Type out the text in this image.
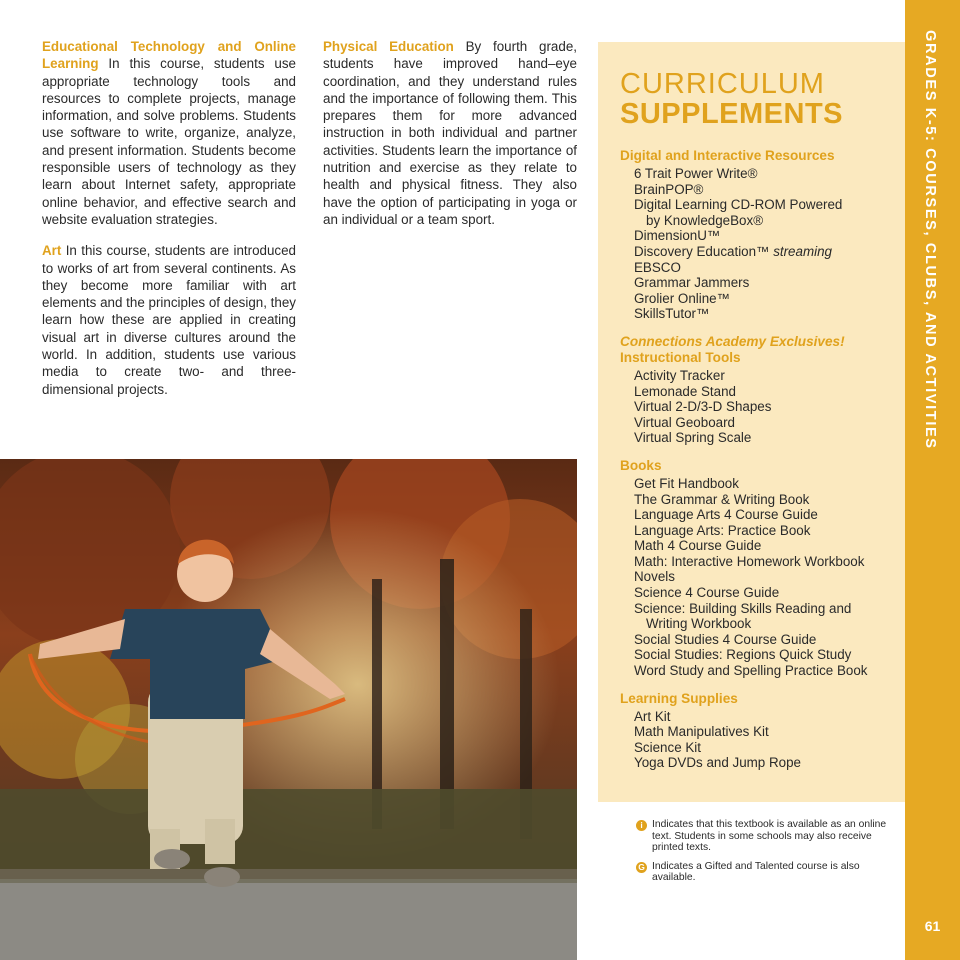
Educational Technology and Online Learning In this course, students use appropriate technology tools and resources to complete projects, manage information, and solve problems. Students use software to write, organize, analyze, and present information. Students become responsible users of technology as they learn about Internet safety, appropriate online behavior, and effective search and website evaluation strategies.

Art In this course, students are introduced to works of art from several continents. As they become more familiar with art elements and the principles of design, they learn how these are applied in creating visual art in diverse cultures around the world. In addition, students use various media to create two- and three-dimensional projects.

Physical Education By fourth grade, students have improved hand–eye coordination, and they understand rules and the importance of following them. This prepares them for more advanced instruction in both individual and partner activities. Students learn the importance of nutrition and exercise as they relate to health and physical fitness. They also have the option of participating in yoga or an individual or a team sport.

CURRICULUM
SUPPLEMENTS
Digital and Interactive Resources
6 Trait Power Write®
BrainPOP®
Digital Learning CD-ROM Powered
by KnowledgeBox®
DimensionU™
Discovery Education™ streaming
EBSCO
Grammar Jammers
Grolier Online™
SkillsTutor™
Connections Academy Exclusives!
Instructional Tools
Activity Tracker
Lemonade Stand
Virtual 2-D/3-D Shapes
Virtual Geoboard
Virtual Spring Scale
Books
Get Fit Handbook
The Grammar & Writing Book
Language Arts 4 Course Guide
Language Arts: Practice Book
Math 4 Course Guide
Math: Interactive Homework Workbook
Novels
Science 4 Course Guide
Science: Building Skills Reading and
Writing Workbook
Social Studies 4 Course Guide
Social Studies: Regions Quick Study
Word Study and Spelling Practice Book
Learning Supplies
Art Kit
Math Manipulatives Kit
Science Kit
Yoga DVDs and Jump Rope
i Indicates that this textbook is available as an online text. Students in some schools may also receive printed texts.
G Indicates a Gifted and Talented course is also available.
GRADES K-5: COURSES, CLUBS, AND ACTIVITIES
61
